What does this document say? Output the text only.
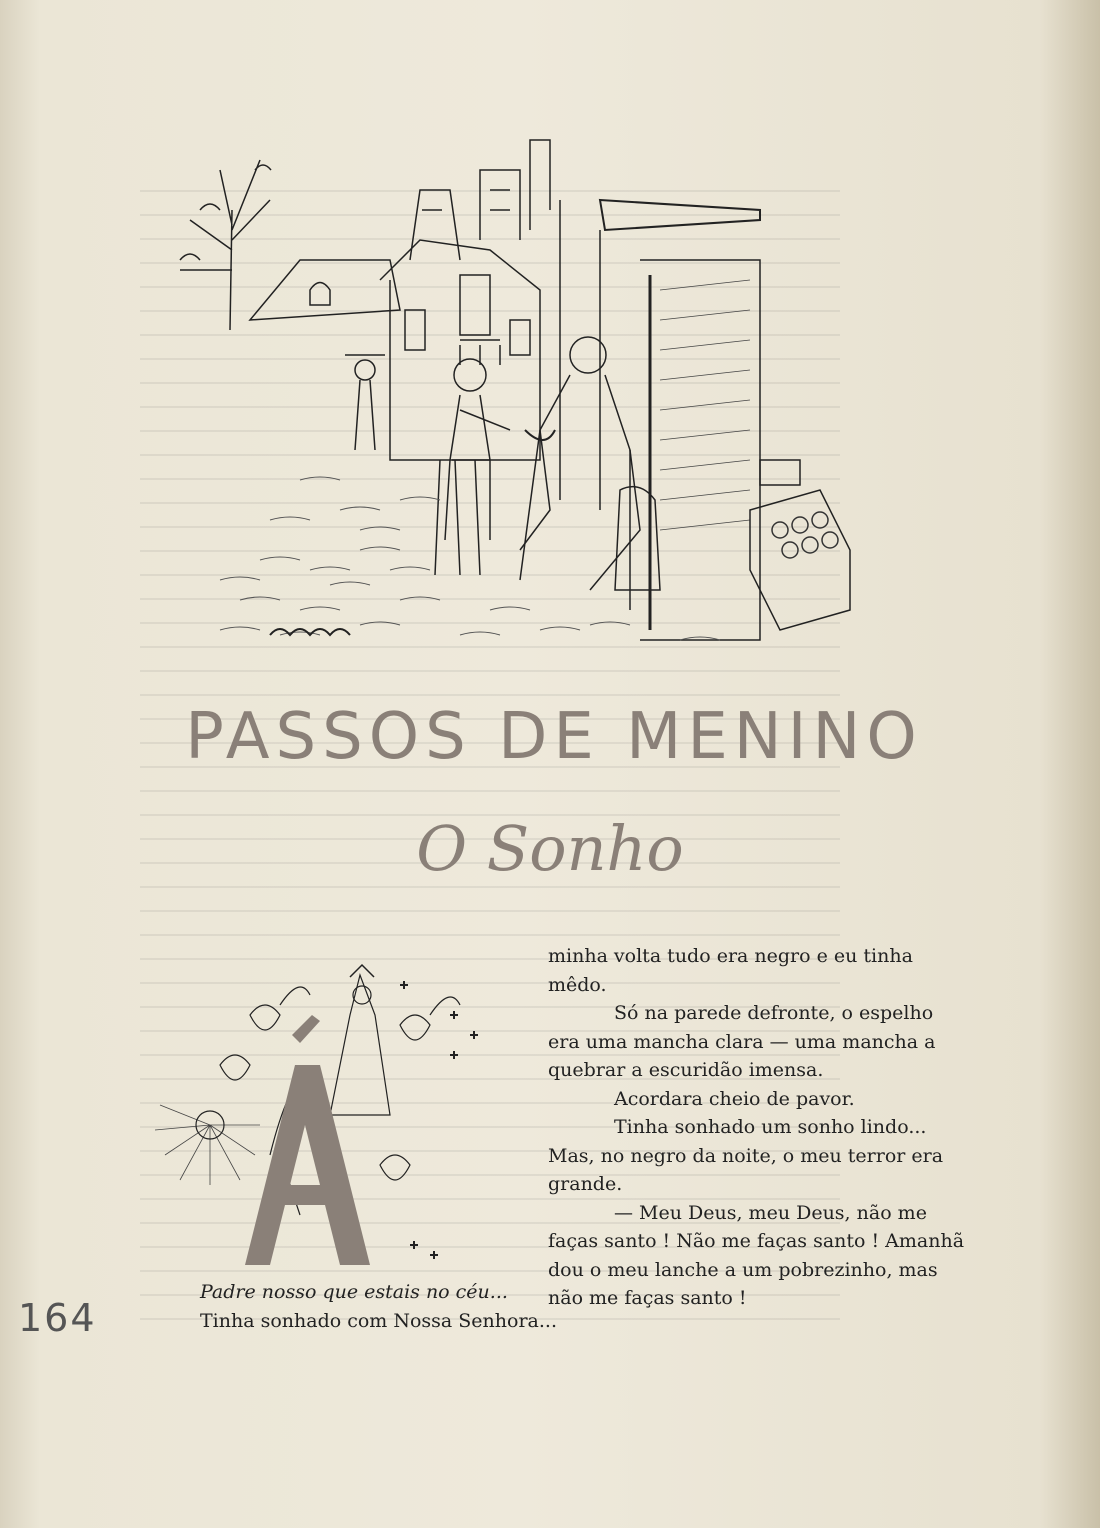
PASSOS DE MENINO
O Sonho

minha volta tudo era negro e eu tinha mêdo.

Só na parede defronte, o espelho era uma mancha clara — uma mancha a quebrar a escuridão imensa.

Acordara cheio de pavor.

Tinha sonhado um sonho lindo...

Mas, no negro da noite, o meu terror era grande.

— Meu Deus, meu Deus, não me faças santo ! Não me faças santo ! Amanhã dou o meu lanche a um pobrezinho, mas não me faças santo !

Padre nosso que estais no céu...
Tinha sonhado com Nossa Senhora...
164
